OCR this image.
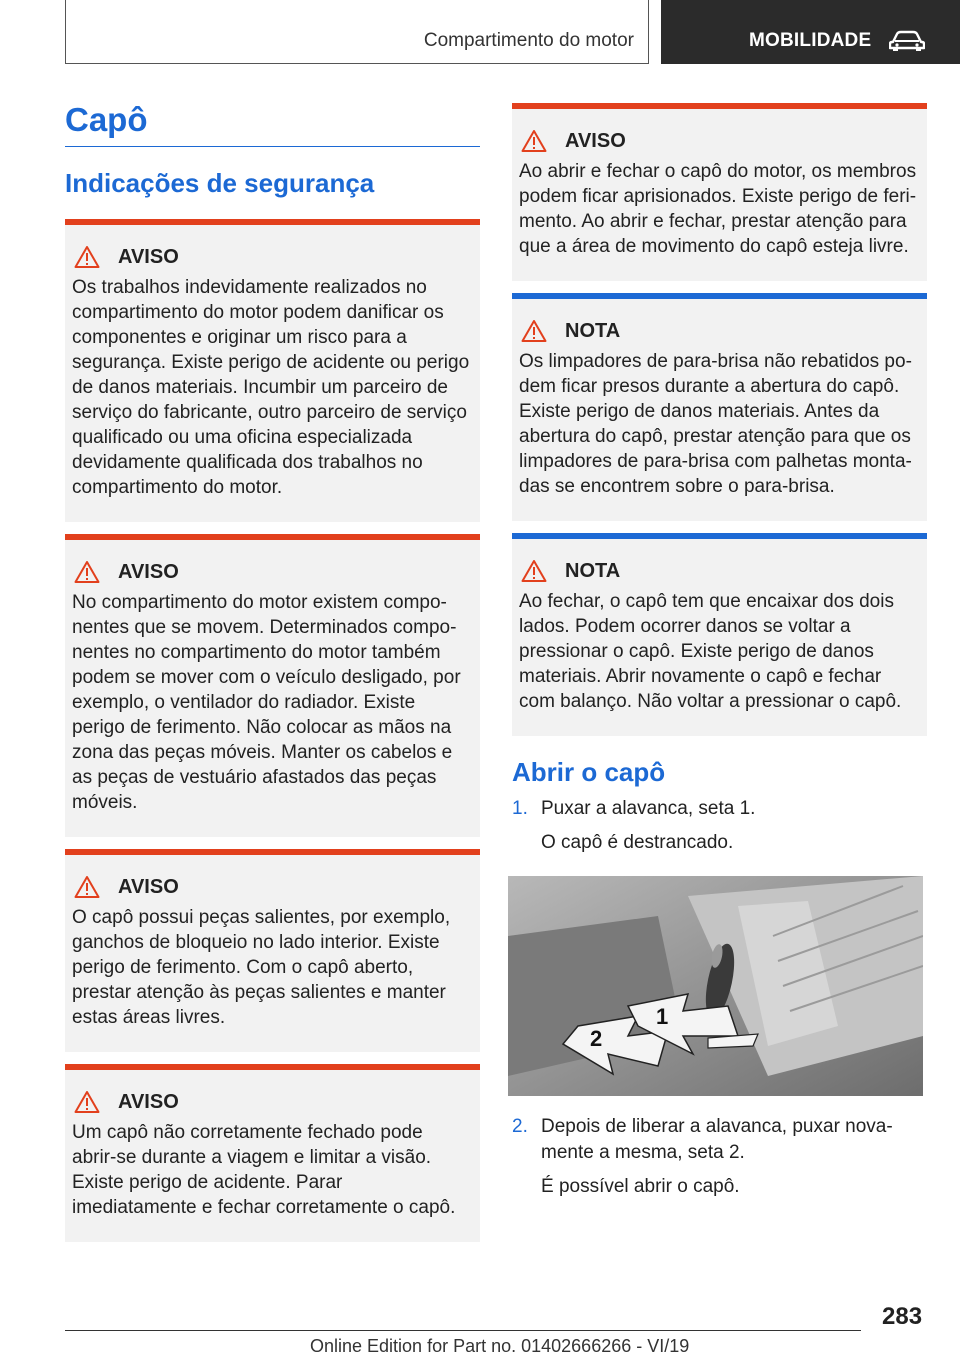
Compartimento do motor	MOBILIDADE
Capô
Indicações de segurança
AVISO

Os trabalhos indevidamente realizados no compartimento do motor podem danificar os componentes e originar um risco para a segurança. Existe perigo de acidente ou perigo de danos materiais. Incumbir um parceiro de serviço do fabricante, outro parceiro de serviço qualificado ou uma oficina especializada devidamente qualificada dos trabalhos no compartimento do motor.

AVISO

No compartimento do motor existem componentes que se movem. Determinados componentes no compartimento do motor também podem se mover com o veículo desligado, por exemplo, o ventilador do radiador. Existe perigo de ferimento. Não colocar as mãos na zona das peças móveis. Manter os cabelos e as peças de vestuário afastados das peças móveis.

AVISO

O capô possui peças salientes, por exemplo, ganchos de bloqueio no lado interior. Existe perigo de ferimento. Com o capô aberto, prestar atenção às peças salientes e manter estas áreas livres.

AVISO

Um capô não corretamente fechado pode abrir-se durante a viagem e limitar a visão. Existe perigo de acidente. Parar imediatamente e fechar corretamente o capô.

AVISO

Ao abrir e fechar o capô do motor, os membros podem ficar aprisionados. Existe perigo de ferimento. Ao abrir e fechar, prestar atenção para que a área de movimento do capô esteja livre.

NOTA

Os limpadores de para-brisa não rebatidos podem ficar presos durante a abertura do capô. Existe perigo de danos materiais. Antes da abertura do capô, prestar atenção para que os limpadores de para-brisa com palhetas montadas se encontrem sobre o para-brisa.

NOTA

Ao fechar, o capô tem que encaixar dos dois lados. Podem ocorrer danos se voltar a pressionar o capô. Existe perigo de danos materiais. Abrir novamente o capô e fechar com balanço. Não voltar a pressionar o capô.

Abrir o capô
1. Puxar a alavanca, seta 1.

O capô é destrancado.

2
1
2. Depois de liberar a alavanca, puxar novamente a mesma, seta 2.

É possível abrir o capô.

283
Online Edition for Part no. 01402666266 - VI/19
